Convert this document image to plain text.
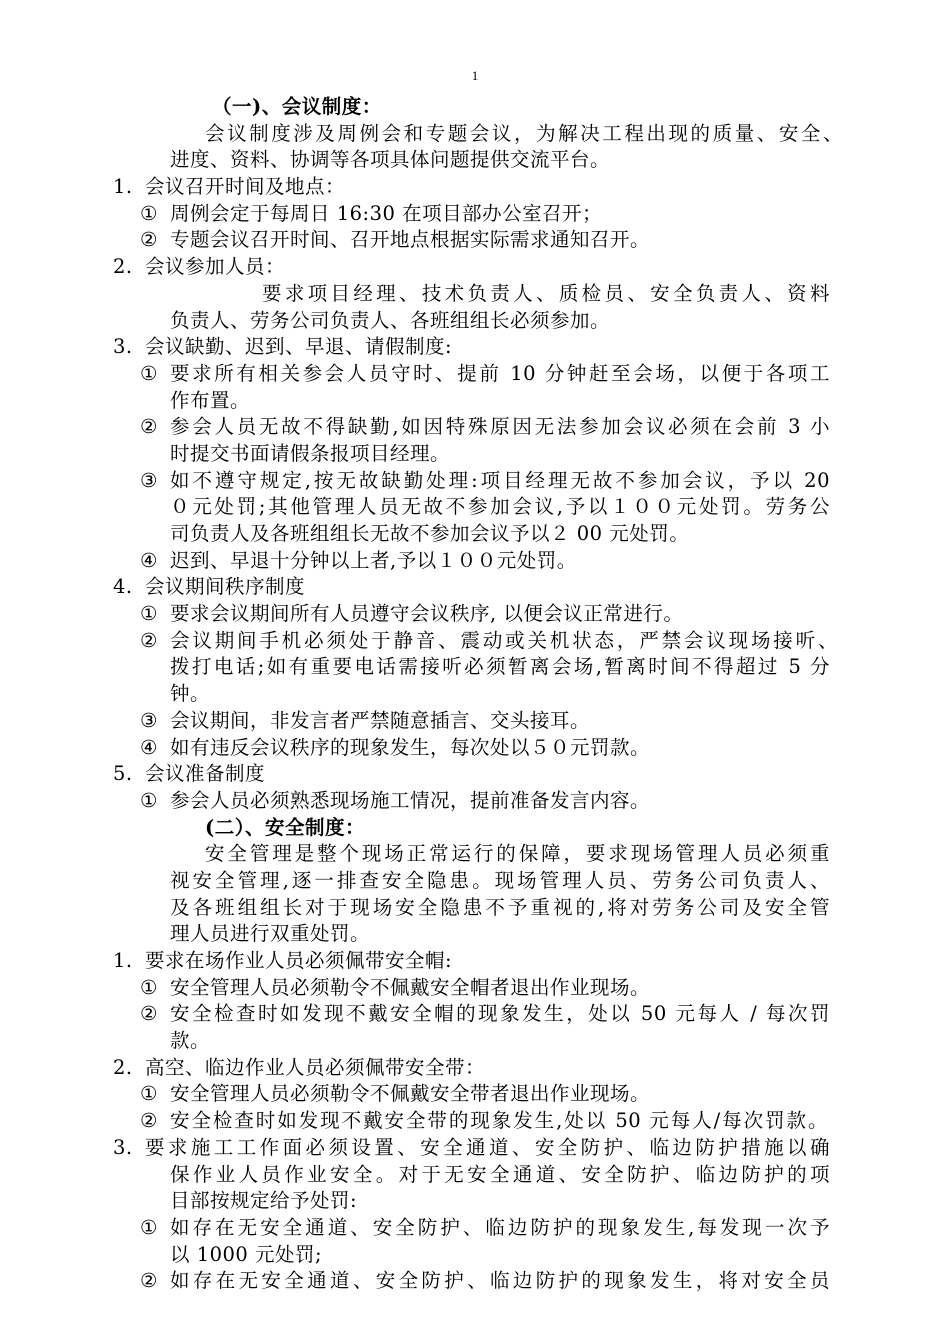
1
（一)、会议制度：
会议制度涉及周例会和专题会议，为解决工程出现的质量、安全、
进度、资料、协调等各项具体问题提供交流平台。
1. 会议召开时间及地点：
① 周例会定于每周日 16:30 在项目部办公室召开；
② 专题会议召开时间、召开地点根据实际需求通知召开。
2. 会议参加人员：
要求项目经理、技术负责人、质检员、安全负责人、资料
负责人、劳务公司负责人、各班组组长必须参加。
3. 会议缺勤、迟到、早退、请假制度:
① 要求所有相关参会人员守时、提前 10 分钟赶至会场，以便于各项工
作布置。
② 参会人员无故不得缺勤,如因特殊原因无法参加会议必须在会前 3 小
时提交书面请假条报项目经理。
③ 如不遵守规定,按无故缺勤处理:项目经理无故不参加会议，予以 20
０元处罚;其他管理人员无故不参加会议,予以１００元处罚。劳务公
司负责人及各班组组长无故不参加会议予以２ 00 元处罚。
④ 迟到、早退十分钟以上者,予以１００元处罚。
4. 会议期间秩序制度
① 要求会议期间所有人员遵守会议秩序, 以便会议正常进行。
② 会议期间手机必须处于静音、震动或关机状态，严禁会议现场接听、
拨打电话;如有重要电话需接听必须暂离会场,暂离时间不得超过 5 分
钟。
③ 会议期间，非发言者严禁随意插言、交头接耳。
④ 如有违反会议秩序的现象发生，每次处以５０元罚款。
5. 会议准备制度
① 参会人员必须熟悉现场施工情况，提前准备发言内容。
(二）、安全制度：
安全管理是整个现场正常运行的保障，要求现场管理人员必须重
视安全管理,逐一排查安全隐患。现场管理人员、劳务公司负责人、
及各班组组长对于现场安全隐患不予重视的,将对劳务公司及安全管
理人员进行双重处罚。
1. 要求在场作业人员必须佩带安全帽:
① 安全管理人员必须勒令不佩戴安全帽者退出作业现场。
② 安全检查时如发现不戴安全帽的现象发生，处以 50 元每人 / 每次罚
款。
2. 高空、临边作业人员必须佩带安全带：
① 安全管理人员必须勒令不佩戴安全带者退出作业现场。
② 安全检查时如发现不戴安全带的现象发生,处以 50 元每人/每次罚款。
3. 要求施工工作面必须设置、安全通道、安全防护、临边防护措施以确
保作业人员作业安全。对于无安全通道、安全防护、临边防护的项
目部按规定给予处罚:
① 如存在无安全通道、安全防护、临边防护的现象发生,每发现一次予
以 1000 元处罚;
② 如存在无安全通道、安全防护、临边防护的现象发生，将对安全员
